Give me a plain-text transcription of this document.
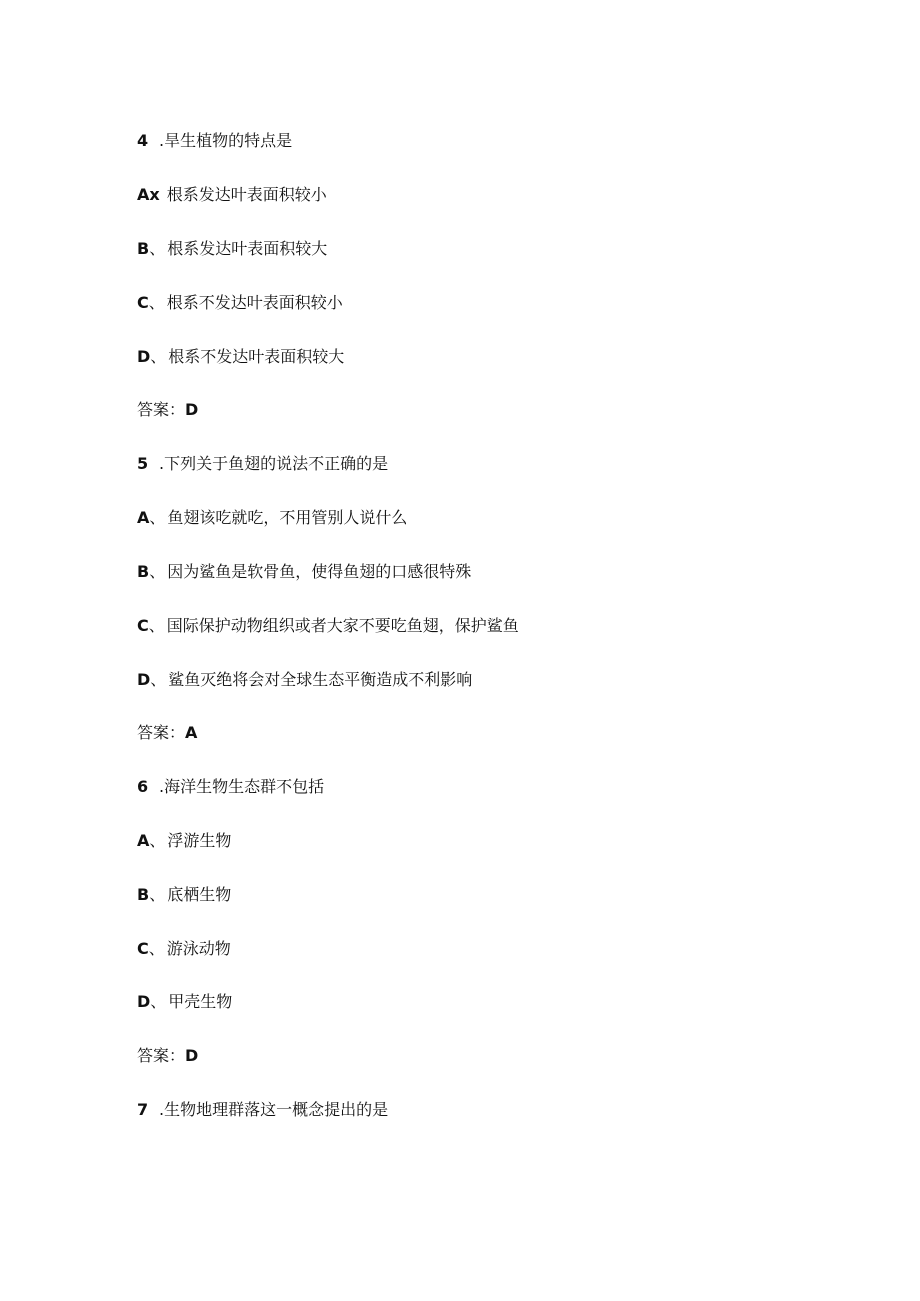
4 .旱生植物的特点是
Ax 根系发达叶表面积较小
B、 根系发达叶表面积较大
C、 根系不发达叶表面积较小
D、 根系不发达叶表面积较大
答案：D
5 .下列关于鱼翅的说法不正确的是
A、 鱼翅该吃就吃，不用管别人说什么
B、 因为鲨鱼是软骨鱼，使得鱼翅的口感很特殊
C、 国际保护动物组织或者大家不要吃鱼翅，保护鲨鱼
D、 鲨鱼灭绝将会对全球生态平衡造成不利影响
答案：A
6 .海洋生物生态群不包括
A、 浮游生物
B、 底栖生物
C、 游泳动物
D、 甲壳生物
答案：D
7 .生物地理群落这一概念提出的是
